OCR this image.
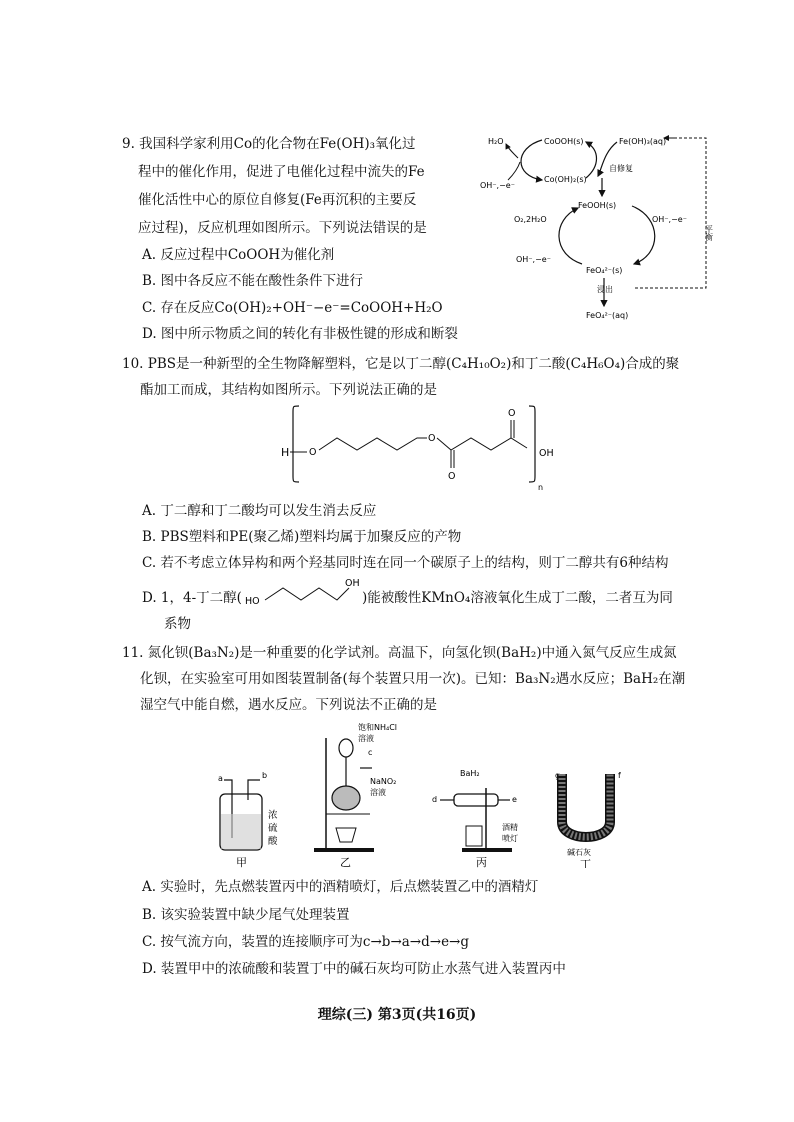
9. 我国科学家利用Co的化合物在Fe(OH)₃氧化过
程中的催化作用，促进了电催化过程中流失的Fe
催化活性中心的原位自修复(Fe再沉积的主要反
应过程)，反应机理如图所示。下列说法错误的是
A. 反应过程中CoOOH为催化剂
B. 图中各反应不能在酸性条件下进行
C. 存在反应Co(OH)₂+OH⁻−e⁻=CoOOH+H₂O
D. 图中所示物质之间的转化有非极性键的形成和断裂
H₂O	CoOOH(s)	Fe(OH)₃(aq)
OH⁻,−e⁻
Co(OH)₂(s)
自修复
O₂,2H₂O
FeOOH(s)
OH⁻,−e⁻
OH⁻,−e⁻
FeO₄²⁻(s)
浸出
FeO₄²⁻(aq)
平衡
10. PBS是一种新型的全生物降解塑料，它是以丁二醇(C₄H₁₀O₂)和丁二酸(C₄H₆O₄)合成的聚
酯加工而成，其结构如图所示。下列说法正确的是
H O
O
O
O
OH
n
A. 丁二醇和丁二酸均可以发生消去反应
B. PBS塑料和PE(聚乙烯)塑料均属于加聚反应的产物
C. 若不考虑立体异构和两个羟基同时连在同一个碳原子上的结构，则丁二醇共有6种结构
D. 1，4-丁二醇( HO
OH
)能被酸性KMnO₄溶液氧化生成丁二酸，二者互为同
系物
11. 氮化钡(Ba₃N₂)是一种重要的化学试剂。高温下，向氢化钡(BaH₂)中通入氮气反应生成氮
化钡，在实验室可用如图装置制备(每个装置只用一次)。已知：Ba₃N₂遇水反应；BaH₂在潮
湿空气中能自燃，遇水反应。下列说法不正确的是
a	b
浓
硫
酸
甲
饱和NH₄Cl
溶液
c
NaNO₂
溶液
乙
BaH₂
d	e
酒精
喷灯
丙
g	f
碱石灰
丁
A. 实验时，先点燃装置丙中的酒精喷灯，后点燃装置乙中的酒精灯
B. 该实验装置中缺少尾气处理装置
C. 按气流方向，装置的连接顺序可为c→b→a→d→e→g
D. 装置甲中的浓硫酸和装置丁中的碱石灰均可防止水蒸气进入装置丙中
理综(三) 第3页(共16页)
